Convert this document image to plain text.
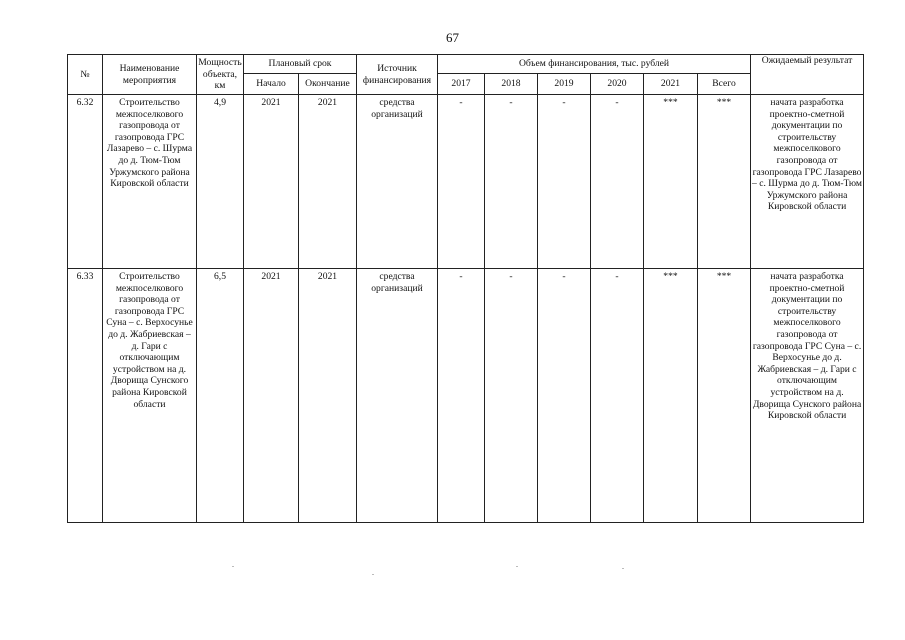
67
№	Наименование мероприятия	Мощность объекта, км	Плановый срок		Источник финансирования	Объем финансирования, тыс. рублей						Ожидаемый результат
			Начало	Окончание		2017	2018	2019	2020	2021	Всего	
6.32	Строительство межпоселкового газопровода от газопровода ГРС Лазарево – с. Шурма до д. Тюм-Тюм Уржумского района Кировской области	4,9	2021	2021	средства организаций	-	-	-	-	***	***	начата разработка проектно-сметной документации по строительству межпоселкового газопровода от газопровода ГРС Лазарево – с. Шурма до д. Тюм-Тюм Уржумского района Кировской области
6.33	Строительство межпоселкового газопровода от газопровода ГРС Суна – с. Верхосунье до д. Жабриевская – д. Гари с отключающим устройством на д. Дворища Сунского района Кировской области	6,5	2021	2021	средства организаций	-	-	-	-	***	***	начата разработка проектно-сметной документации по строительству межпоселкового газопровода от газопровода ГРС Суна – с. Верхосунье до д. Жабриевская – д. Гари с отключающим устройством на д. Дворища Сунского района Кировской области
